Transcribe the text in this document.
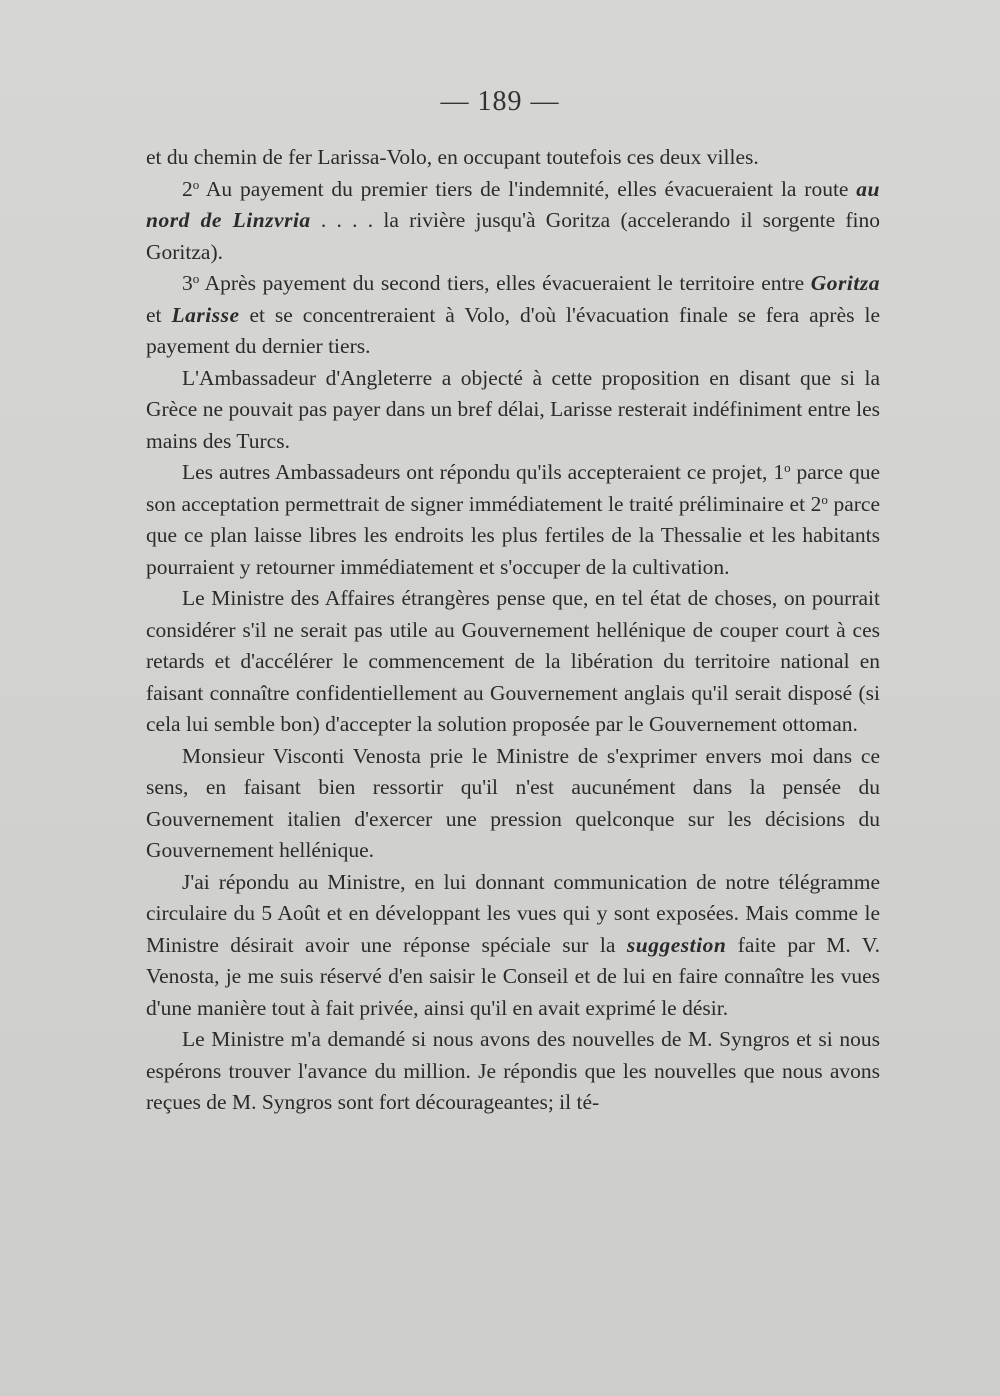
— 189 —

et du chemin de fer Larissa-Volo, en occupant toutefois ces deux villes.

2$^o$ Au payement du premier tiers de l'indemnité, elles évacueraient la route au nord de Linzvria . . . . la rivière jusqu'à Goritza (accelerando il sorgente fino Goritza).

3$^o$ Après payement du second tiers, elles évacueraient le territoire entre Goritza et Larisse et se concentreraient à Volo, d'où l'évacuation finale se fera après le payement du dernier tiers.

L'Ambassadeur d'Angleterre a objecté à cette proposition en disant que si la Grèce ne pouvait pas payer dans un bref délai, Larisse resterait indéfiniment entre les mains des Turcs.

Les autres Ambassadeurs ont répondu qu'ils accepteraient ce projet, 1$^o$ parce que son acceptation permettrait de signer immédiatement le traité préliminaire et 2$^o$ parce que ce plan laisse libres les endroits les plus fertiles de la Thessalie et les habitants pourraient y retourner immédiatement et s'occuper de la cultivation.

Le Ministre des Affaires étrangères pense que, en tel état de choses, on pourrait considérer s'il ne serait pas utile au Gouvernement hellénique de couper court à ces retards et d'accélérer le commencement de la libération du territoire national en faisant connaître confidentiellement au Gouvernement anglais qu'il serait disposé (si cela lui semble bon) d'accepter la solution proposée par le Gouvernement ottoman.

Monsieur Visconti Venosta prie le Ministre de s'exprimer envers moi dans ce sens, en faisant bien ressortir qu'il n'est aucunément dans la pensée du Gouvernement italien d'exercer une pression quelconque sur les décisions du Gouvernement hellénique.

J'ai répondu au Ministre, en lui donnant communication de notre télégramme circulaire du 5 Août et en développant les vues qui y sont exposées. Mais comme le Ministre désirait avoir une réponse spéciale sur la suggestion faite par M. V. Venosta, je me suis réservé d'en saisir le Conseil et de lui en faire connaître les vues d'une manière tout à fait privée, ainsi qu'il en avait exprimé le désir.

Le Ministre m'a demandé si nous avons des nouvelles de M. Syngros et si nous espérons trouver l'avance du million. Je répondis que les nouvelles que nous avons reçues de M. Syngros sont fort décourageantes; il té-
